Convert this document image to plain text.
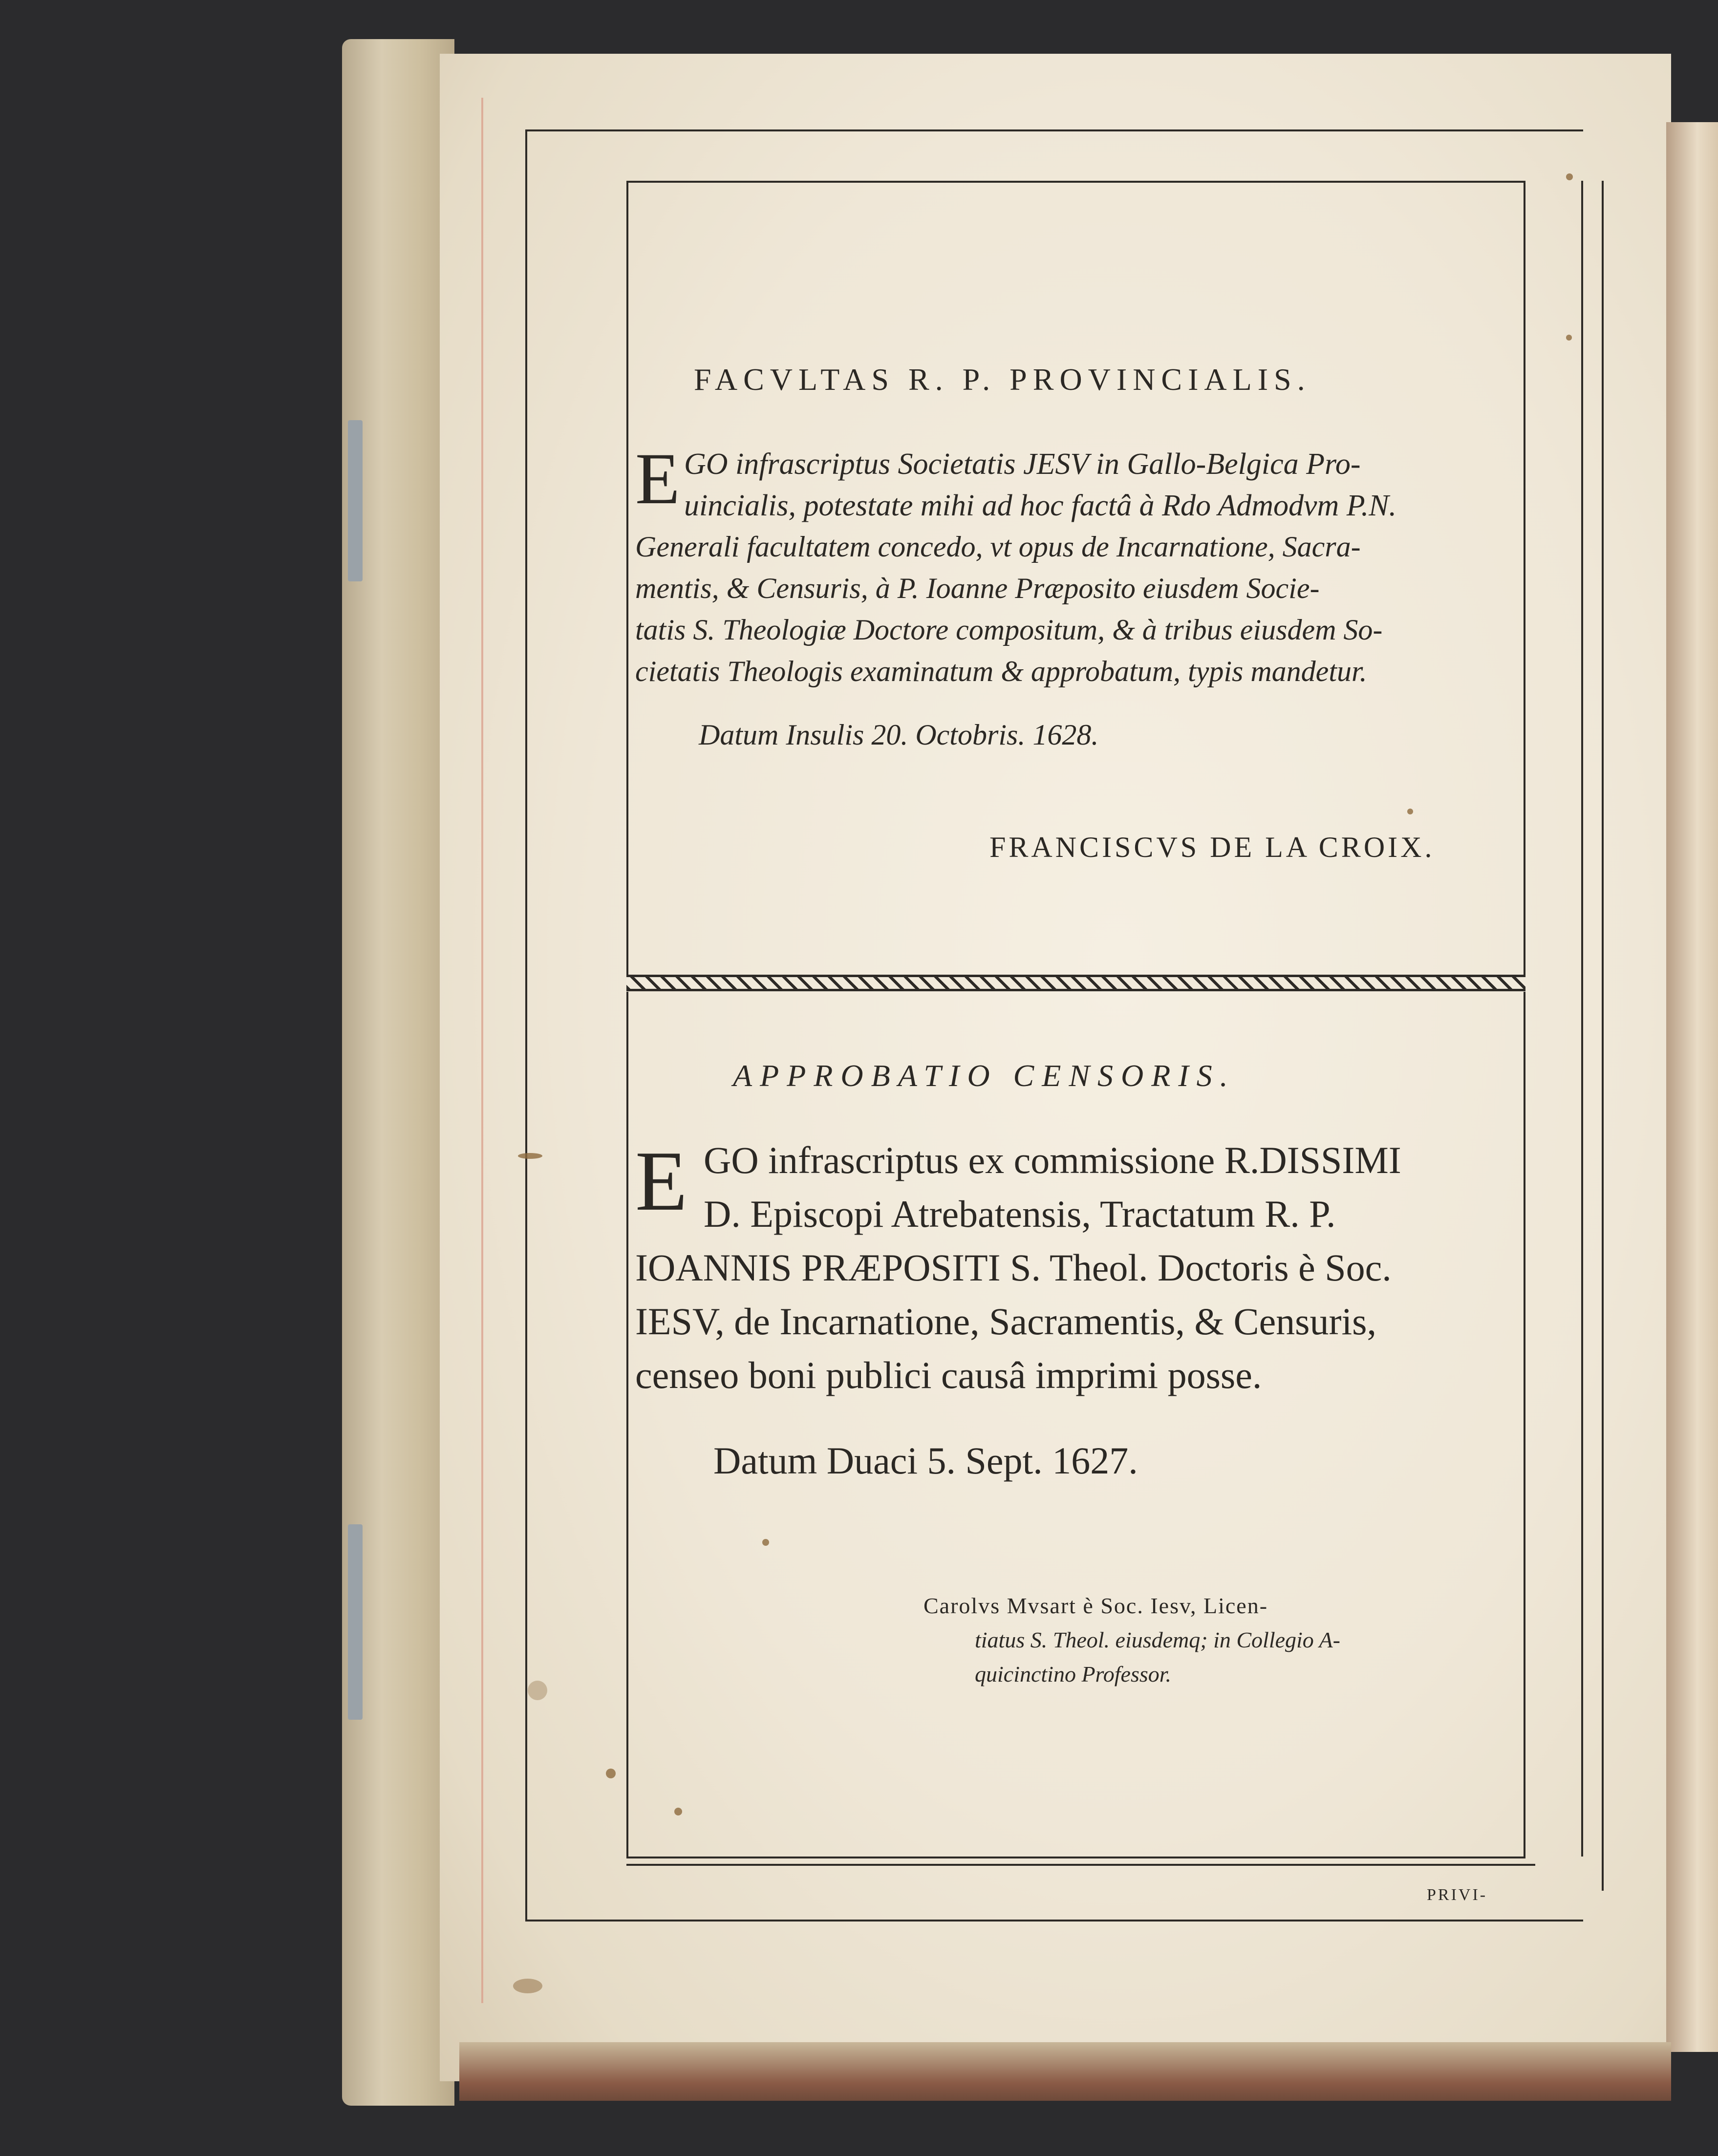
FACVLTAS R. P. PROVINCIALIS.
E GO infrascriptus Societatis JESV in Gallo-Belgica Pro-
uincialis, potestate mihi ad hoc factâ à Rdo Admodvm P.N.
Generali facultatem concedo, vt opus de Incarnatione, Sacra-
mentis, & Censuris, à P. Ioanne Præposito eiusdem Socie-
tatis S. Theologiæ Doctore compositum, & à tribus eiusdem So-
cietatis Theologis examinatum & approbatum, typis mandetur.
Datum Insulis 20. Octobris. 1628.
FRANCISCVS DE LA CROIX.
APPROBATIO CENSORIS.
E GO infrascriptus ex commissione R.DISSIMI
D. Episcopi Atrebatensis, Tractatum R. P.
IOANNIS PRÆPOSITI S. Theol. Doctoris è Soc.
IESV, de Incarnatione, Sacramentis, & Censuris,
censeo boni publici causâ imprimi posse.
Datum Duaci 5. Sept. 1627.
Carolvs Mvsart è Soc. Iesv, Licen-
tiatus S. Theol. eiusdemq; in Collegio A-
quicinctino Professor.
PRIVI-
